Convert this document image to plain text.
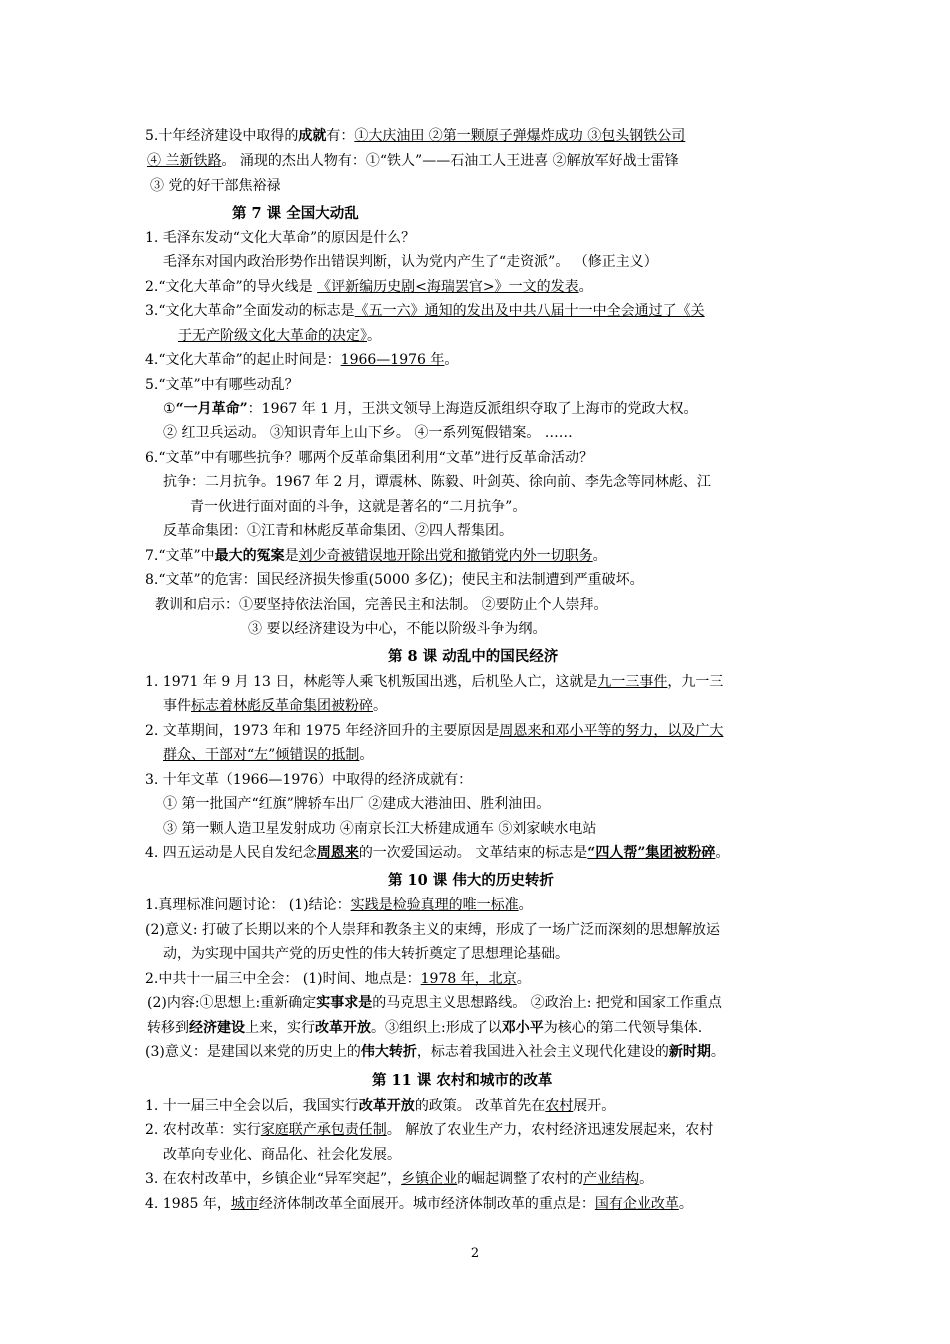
5.十年经济建设中取得的成就有：①大庆油田 ②第一颗原子弹爆炸成功 ③包头钢铁公司
④ 兰新铁路。 涌现的杰出人物有：①“铁人”——石油工人王进喜 ②解放军好战士雷锋
③ 党的好干部焦裕禄
第 7 课 全国大动乱
1. 毛泽东发动“文化大革命”的原因是什么？
毛泽东对国内政治形势作出错误判断，认为党内产生了“走资派”。 （修正主义）
2.“文化大革命”的导火线是 《评新编历史剧<海瑞罢官>》一文的发表。
3.“文化大革命”全面发动的标志是《五一六》通知的发出及中共八届十一中全会通过了《关
于无产阶级文化大革命的决定》。
4.“文化大革命”的起止时间是：1966—1976 年。
5.“文革”中有哪些动乱？
①“一月革命”：1967 年 1 月，王洪文领导上海造反派组织夺取了上海市的党政大权。
② 红卫兵运动。 ③知识青年上山下乡。 ④一系列冤假错案。 ……
6.“文革”中有哪些抗争？哪两个反革命集团利用“文革”进行反革命活动？
抗争：二月抗争。1967 年 2 月，谭震林、陈毅、叶剑英、徐向前、李先念等同林彪、江
青一伙进行面对面的斗争，这就是著名的“二月抗争”。
反革命集团：①江青和林彪反革命集团、②四人帮集团。
7.“文革”中最大的冤案是刘少奇被错误地开除出党和撤销党内外一切职务。
8.“文革”的危害：国民经济损失惨重(5000 多亿)；使民主和法制遭到严重破坏。
教训和启示：①要坚持依法治国，完善民主和法制。 ②要防止个人崇拜。
③ 要以经济建设为中心，不能以阶级斗争为纲。
第 8 课 动乱中的国民经济
1. 1971 年 9 月 13 日，林彪等人乘飞机叛国出逃，后机坠人亡，这就是九一三事件，九一三
事件标志着林彪反革命集团被粉碎。
2. 文革期间，1973 年和 1975 年经济回升的主要原因是周恩来和邓小平等的努力，以及广大
群众、干部对“左”倾错误的抵制。
3. 十年文革（1966—1976）中取得的经济成就有：
① 第一批国产“红旗”牌轿车出厂 ②建成大港油田、胜利油田。
③ 第一颗人造卫星发射成功 ④南京长江大桥建成通车 ⑤刘家峡水电站
4. 四五运动是人民自发纪念周恩来的一次爱国运动。 文革结束的标志是“四人帮”集团被粉碎。
第 10 课 伟大的历史转折
1.真理标准问题讨论： (1)结论：实践是检验真理的唯一标准。
(2)意义: 打破了长期以来的个人崇拜和教条主义的束缚，形成了一场广泛而深刻的思想解放运
动，为实现中国共产党的历史性的伟大转折奠定了思想理论基础。
2.中共十一届三中全会： (1)时间、地点是：1978 年，北京。
(2)内容:①思想上:重新确定实事求是的马克思主义思想路线。 ②政治上: 把党和国家工作重点
转移到经济建设上来，实行改革开放。③组织上:形成了以邓小平为核心的第二代领导集体.
(3)意义：是建国以来党的历史上的伟大转折，标志着我国进入社会主义现代化建设的新时期。
第 11 课 农村和城市的改革
1. 十一届三中全会以后，我国实行改革开放的政策。 改革首先在农村展开。
2. 农村改革：实行家庭联产承包责任制。 解放了农业生产力，农村经济迅速发展起来，农村
改革向专业化、商品化、社会化发展。
3. 在农村改革中，乡镇企业“异军突起”，乡镇企业的崛起调整了农村的产业结构。
4. 1985 年，城市经济体制改革全面展开。城市经济体制改革的重点是：国有企业改革。
2
